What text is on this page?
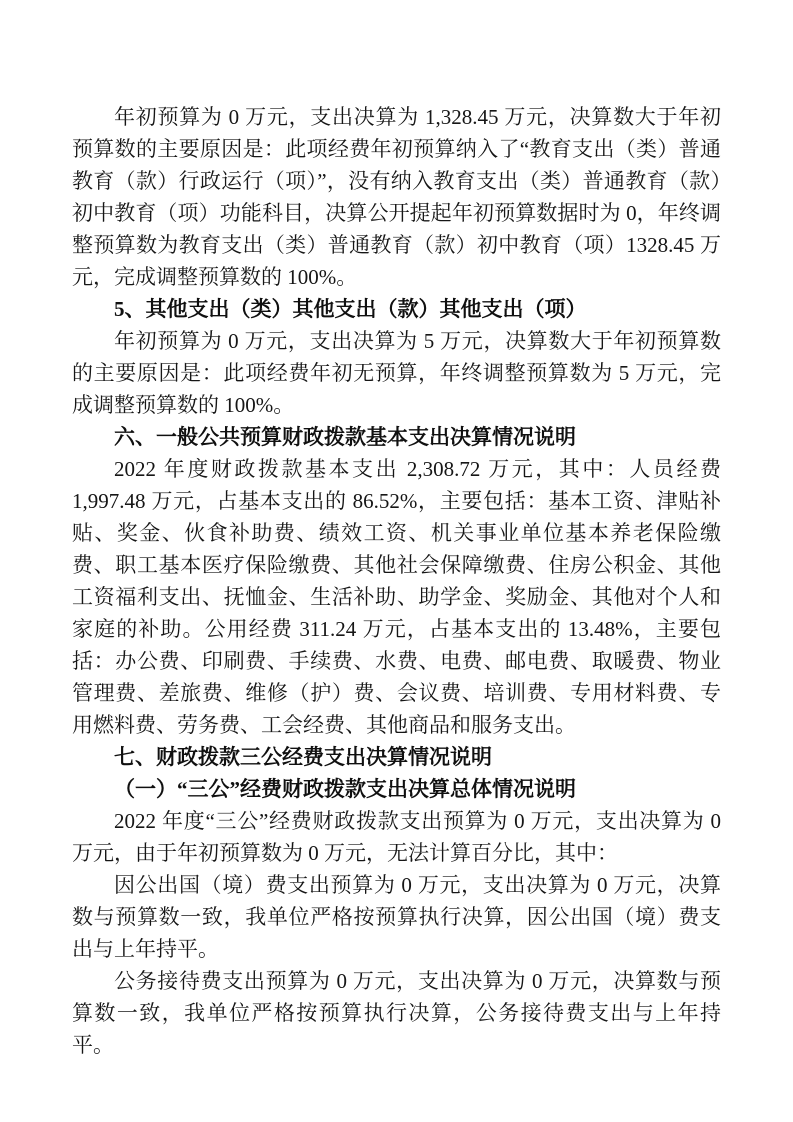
年初预算为 0 万元，支出决算为 1,328.45 万元，决算数大于年初预算数的主要原因是：此项经费年初预算纳入了“教育支出（类）普通教育（款）行政运行（项）”，没有纳入教育支出（类）普通教育（款）初中教育（项）功能科目，决算公开提起年初预算数据时为 0，年终调整预算数为教育支出（类）普通教育（款）初中教育（项）1328.45 万元，完成调整预算数的 100%。

5、其他支出（类）其他支出（款）其他支出（项）

年初预算为 0 万元，支出决算为 5 万元，决算数大于年初预算数的主要原因是：此项经费年初无预算，年终调整预算数为 5 万元，完成调整预算数的 100%。

六、一般公共预算财政拨款基本支出决算情况说明

2022 年度财政拨款基本支出 2,308.72 万元，其中：人员经费 1,997.48 万元，占基本支出的 86.52%，主要包括：基本工资、津贴补贴、奖金、伙食补助费、绩效工资、机关事业单位基本养老保险缴费、职工基本医疗保险缴费、其他社会保障缴费、住房公积金、其他工资福利支出、抚恤金、生活补助、助学金、奖励金、其他对个人和家庭的补助。公用经费 311.24 万元，占基本支出的 13.48%，主要包括：办公费、印刷费、手续费、水费、电费、邮电费、取暖费、物业管理费、差旅费、维修（护）费、会议费、培训费、专用材料费、专用燃料费、劳务费、工会经费、其他商品和服务支出。

七、财政拨款三公经费支出决算情况说明
（一）“三公”经费财政拨款支出决算总体情况说明

2022 年度“三公”经费财政拨款支出预算为 0 万元，支出决算为 0 万元，由于年初预算数为 0 万元，无法计算百分比，其中：

因公出国（境）费支出预算为 0 万元，支出决算为 0 万元，决算数与预算数一致，我单位严格按预算执行决算，因公出国（境）费支出与上年持平。

公务接待费支出预算为 0 万元，支出决算为 0 万元，决算数与预算数一致，我单位严格按预算执行决算，公务接待费支出与上年持平。
